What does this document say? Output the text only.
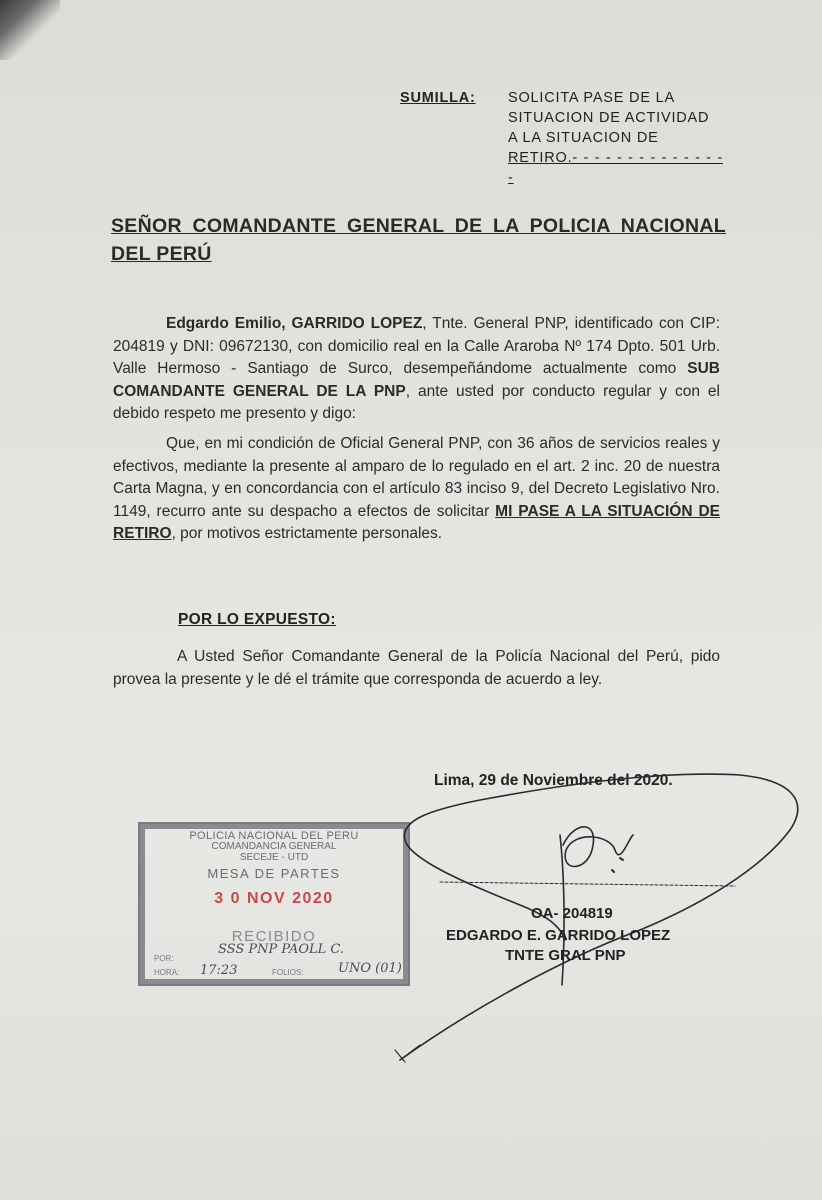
SUMILLA: SOLICITA PASE DE LA
SITUACION DE ACTIVIDAD
A LA SITUACION DE
RETIRO.- - - - - - - - - - - - - - -
SEÑOR COMANDANTE GENERAL DE LA POLICIA NACIONAL DEL PERÚ
Edgardo Emilio, GARRIDO LOPEZ, Tnte. General PNP, identificado con CIP: 204819 y DNI: 09672130, con domicilio real en la Calle Araroba Nº 174 Dpto. 501 Urb. Valle Hermoso - Santiago de Surco, desempeñándome actualmente como SUB COMANDANTE GENERAL DE LA PNP, ante usted por conducto regular y con el debido respeto me presento y digo:
Que, en mi condición de Oficial General PNP, con 36 años de servicios reales y efectivos, mediante la presente al amparo de lo regulado en el art. 2 inc. 20 de nuestra Carta Magna, y en concordancia con el artículo 83 inciso 9, del Decreto Legislativo Nro. 1149, recurro ante su despacho a efectos de solicitar MI PASE A LA SITUACIÓN DE RETIRO, por motivos estrictamente personales.
POR LO EXPUESTO:
A Usted Señor Comandante General de la Policía Nacional del Perú, pido provea la presente y le dé el trámite que corresponda de acuerdo a ley.
Lima, 29 de Noviembre del 2020.
POLICIA NACIONAL DEL PERU
COMANDANCIA GENERAL
SECEJE - UTD
MESA DE PARTES
3 0 NOV 2020
RECIBIDO
POR:
HORA:	FOLIOS:
SSS PNP PAOLL C.
17:23	UNO (01)
OA- 204819
EDGARDO E. GARRIDO LOPEZ
TNTE GRAL PNP
